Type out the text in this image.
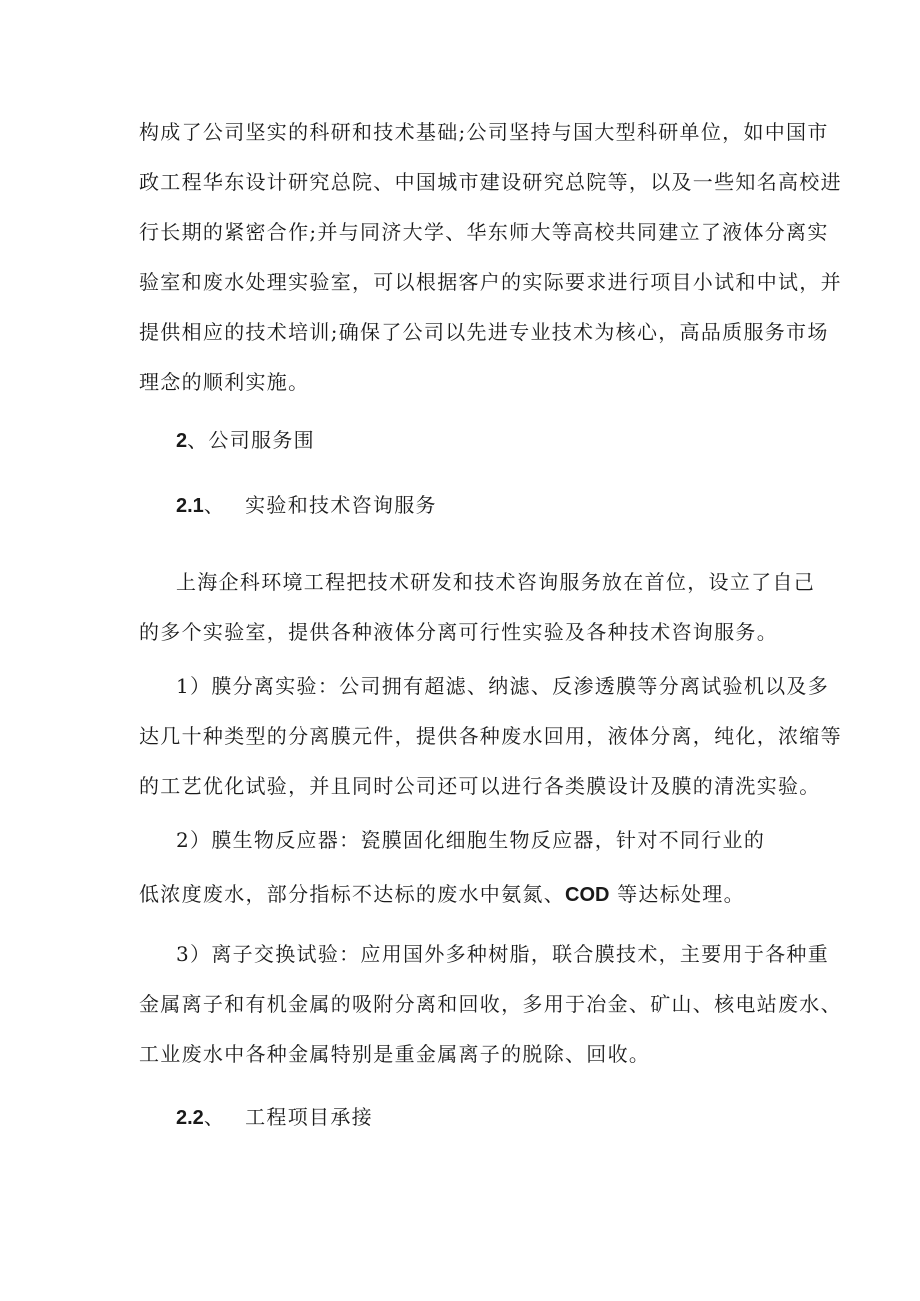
构成了公司坚实的科研和技术基础;公司坚持与国大型科研单位，如中国市
政工程华东设计研究总院、中国城市建设研究总院等，以及一些知名高校进
行长期的紧密合作;并与同济大学、华东师大等高校共同建立了液体分离实
验室和废水处理实验室，可以根据客户的实际要求进行项目小试和中试，并
提供相应的技术培训;确保了公司以先进专业技术为核心，高品质服务市场
理念的顺利实施。
2、公司服务围
2.1、 实验和技术咨询服务
上海企科环境工程把技术研发和技术咨询服务放在首位，设立了自己
的多个实验室，提供各种液体分离可行性实验及各种技术咨询服务。
1）膜分离实验：公司拥有超滤、纳滤、反渗透膜等分离试验机以及多
达几十种类型的分离膜元件，提供各种废水回用，液体分离，纯化，浓缩等
的工艺优化试验，并且同时公司还可以进行各类膜设计及膜的清洗实验。
2）膜生物反应器：瓷膜固化细胞生物反应器，针对不同行业的
低浓度废水，部分指标不达标的废水中氨氮、COD 等达标处理。
3）离子交换试验：应用国外多种树脂，联合膜技术，主要用于各种重
金属离子和有机金属的吸附分离和回收，多用于冶金、矿山、核电站废水、
工业废水中各种金属特别是重金属离子的脱除、回收。
2.2、 工程项目承接
